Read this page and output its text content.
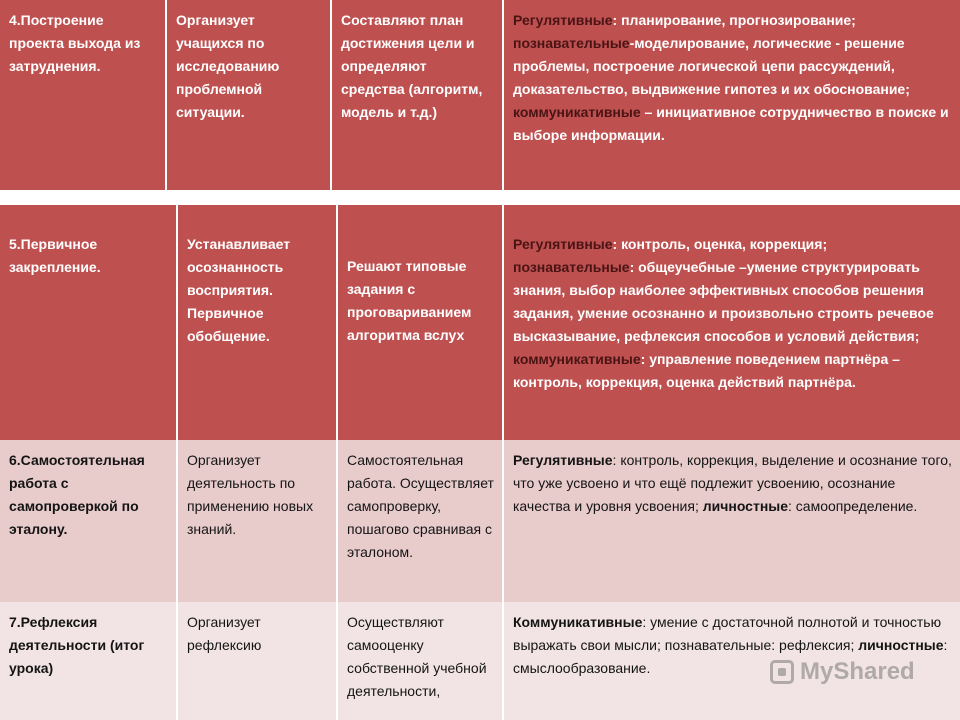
4.Построение проекта выхода из затруднения.
Организует учащихся по исследованию проблемной ситуации.
Составляют план достижения цели и определяют средства (алгоритм, модель и т.д.)
Регулятивные: планирование, прогнозирование; познавательные-моделирование, логические - решение проблемы, построение логической цепи рассуждений, доказательство, выдвижение гипотез и их обоснование; коммуникативные – инициативное сотрудничество в поиске и выборе информации.
5.Первичное закрепление.
Устанавливает осознанность восприятия. Первичное обобщение.
Решают типовые задания с проговариванием алгоритма вслух
Регулятивные: контроль, оценка, коррекция; познавательные: общеучебные –умение структурировать знания, выбор наиболее эффективных способов решения задания, умение осознанно и произвольно строить речевое высказывание, рефлексия способов и условий действия; коммуникативные: управление поведением партнёра – контроль, коррекция, оценка действий партнёра.
6.Самостоятельная работа с самопроверкой по эталону.
Организует деятельность по применению новых знаний.
Самостоятельная работа. Осуществляет самопроверку, пошагово сравнивая с эталоном.
Регулятивные: контроль, коррекция, выделение и осознание того, что уже усвоено и что ещё подлежит усвоению, осознание качества и уровня усвоения; личностные: самоопределение.
7.Рефлексия деятельности (итог урока)
Организует рефлексию
Осуществляют самооценку собственной учебной деятельности,
Коммуникативные: умение с достаточной полнотой и точностью выражать свои мысли; познавательные: рефлексия; личностные: смыслообразование.	MyShared
